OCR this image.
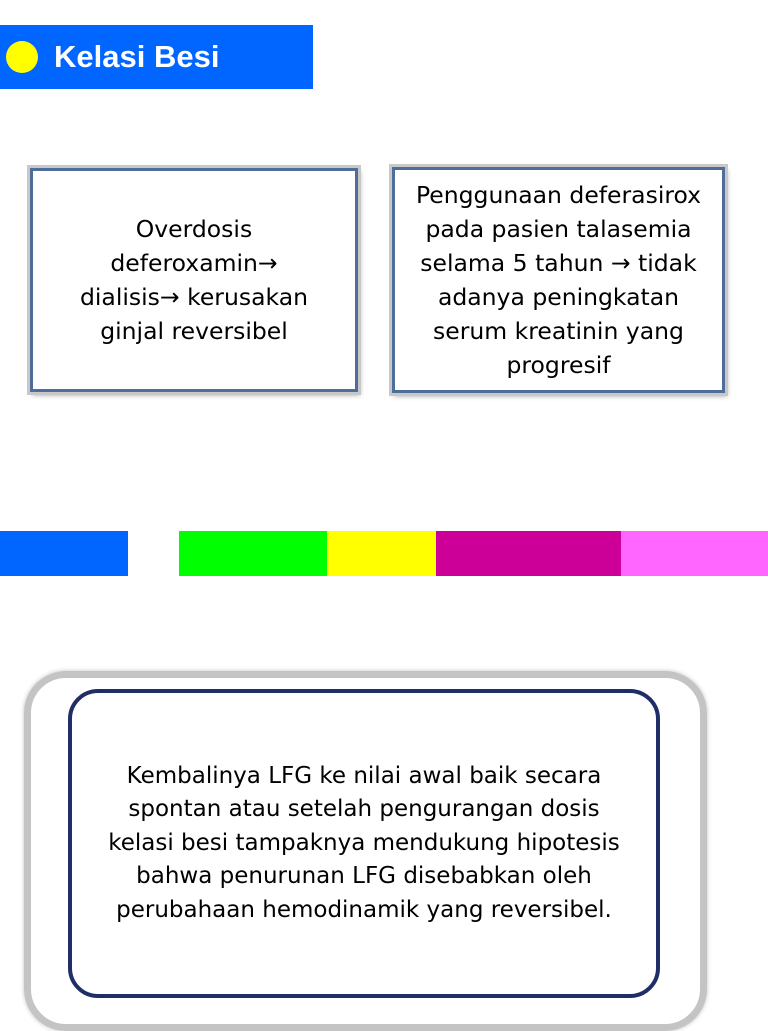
Kelasi Besi
Overdosis
deferoxamin→
dialisis→ kerusakan
ginjal reversibel
Penggunaan deferasirox
pada pasien talasemia
selama 5 tahun → tidak
adanya peningkatan
serum kreatinin yang
progresif
Kembalinya LFG ke nilai awal baik secara
spontan atau setelah pengurangan dosis
kelasi besi tampaknya mendukung hipotesis
bahwa penurunan LFG disebabkan oleh
perubahaan hemodinamik yang reversibel.
